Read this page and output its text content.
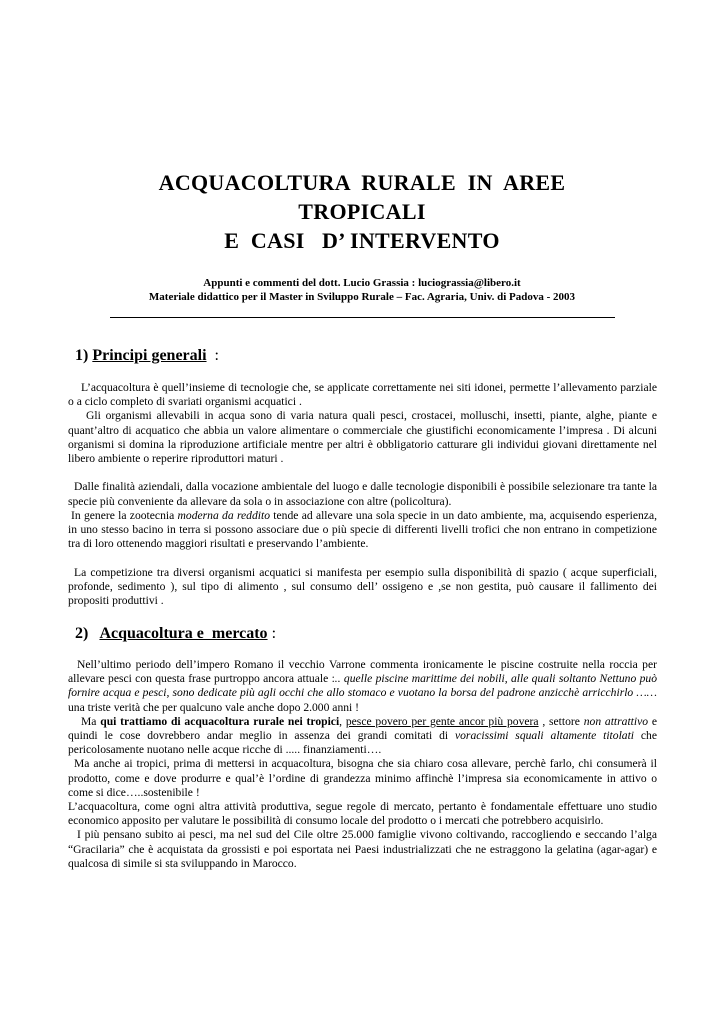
ACQUACOLTURA  RURALE  IN  AREE
TROPICALI
E  CASI   D’ INTERVENTO
Appunti e commenti del dott. Lucio Grassia : luciograssia@libero.it
Materiale didattico per il Master in Sviluppo Rurale – Fac. Agraria, Univ. di Padova - 2003
1) Principi generali  :

L’acquacoltura è quell’insieme di tecnologie che, se applicate correttamente nei siti idonei, permette l’allevamento parziale o a ciclo completo di svariati organismi acquatici .

Gli organismi allevabili in acqua sono di varia natura quali pesci, crostacei, molluschi, insetti, piante, alghe, piante e quant’altro di acquatico che abbia un valore alimentare o commerciale che giustifichi economicamente l’impresa . Di alcuni organismi si domina la riproduzione artificiale mentre per altri è obbligatorio catturare gli individui giovani direttamente nel libero ambiente o reperire riproduttori maturi .

Dalle finalità aziendali, dalla vocazione ambientale del luogo e dalle tecnologie disponibili è possibile selezionare tra tante la specie più conveniente da allevare da sola o in associazione con altre (policoltura).

In genere la zootecnia moderna da reddito tende ad allevare una sola specie in un dato ambiente, ma, acquisendo esperienza, in uno stesso bacino in terra si possono associare due o più specie di differenti livelli trofici che non entrano in competizione tra di loro ottenendo maggiori risultati e preservando l’ambiente.

La competizione tra diversi organismi acquatici si manifesta per esempio sulla disponibilità di spazio ( acque superficiali, profonde, sedimento ), sul tipo di alimento , sul consumo dell’ ossigeno e ,se non gestita, può causare il fallimento dei propositi produttivi .

2)   Acquacoltura e  mercato :

Nell’ultimo periodo dell’impero Romano il vecchio Varrone commenta ironicamente le piscine costruite nella roccia per allevare pesci con questa frase purtroppo ancora attuale :.. quelle piscine marittime dei nobili, alle quali soltanto Nettuno può fornire acqua e pesci, sono dedicate più agli occhi che allo stomaco e vuotano la borsa del padrone anzicchè arricchirlo ……una triste verità che per qualcuno vale anche dopo 2.000 anni !

Ma qui trattiamo di acquacoltura rurale nei tropici, pesce povero per gente ancor più povera , settore non attrattivo e quindi le cose dovrebbero andar meglio in assenza dei grandi comitati di voracissimi squali altamente titolati che pericolosamente nuotano nelle acque ricche di ..... finanziamenti….

Ma anche ai tropici, prima di mettersi in acquacoltura, bisogna che sia chiaro cosa allevare, perchè farlo, chi consumerà il prodotto, come e dove produrre e qual’è l’ordine di grandezza minimo affinchè l’impresa sia economicamente in attivo o come si dice…..sostenibile !

L’acquacoltura, come ogni altra attività produttiva, segue regole di mercato, pertanto è fondamentale effettuare uno studio economico apposito per valutare le possibilità di consumo locale del prodotto o i mercati che potrebbero acquisirlo.

I più pensano subito ai pesci, ma nel sud del Cile oltre 25.000 famiglie vivono coltivando, raccogliendo e seccando l’alga “Gracilaria” che è acquistata da grossisti e poi esportata nei Paesi industrializzati che ne estraggono la gelatina (agar-agar) e qualcosa di simile si sta sviluppando in Marocco.
